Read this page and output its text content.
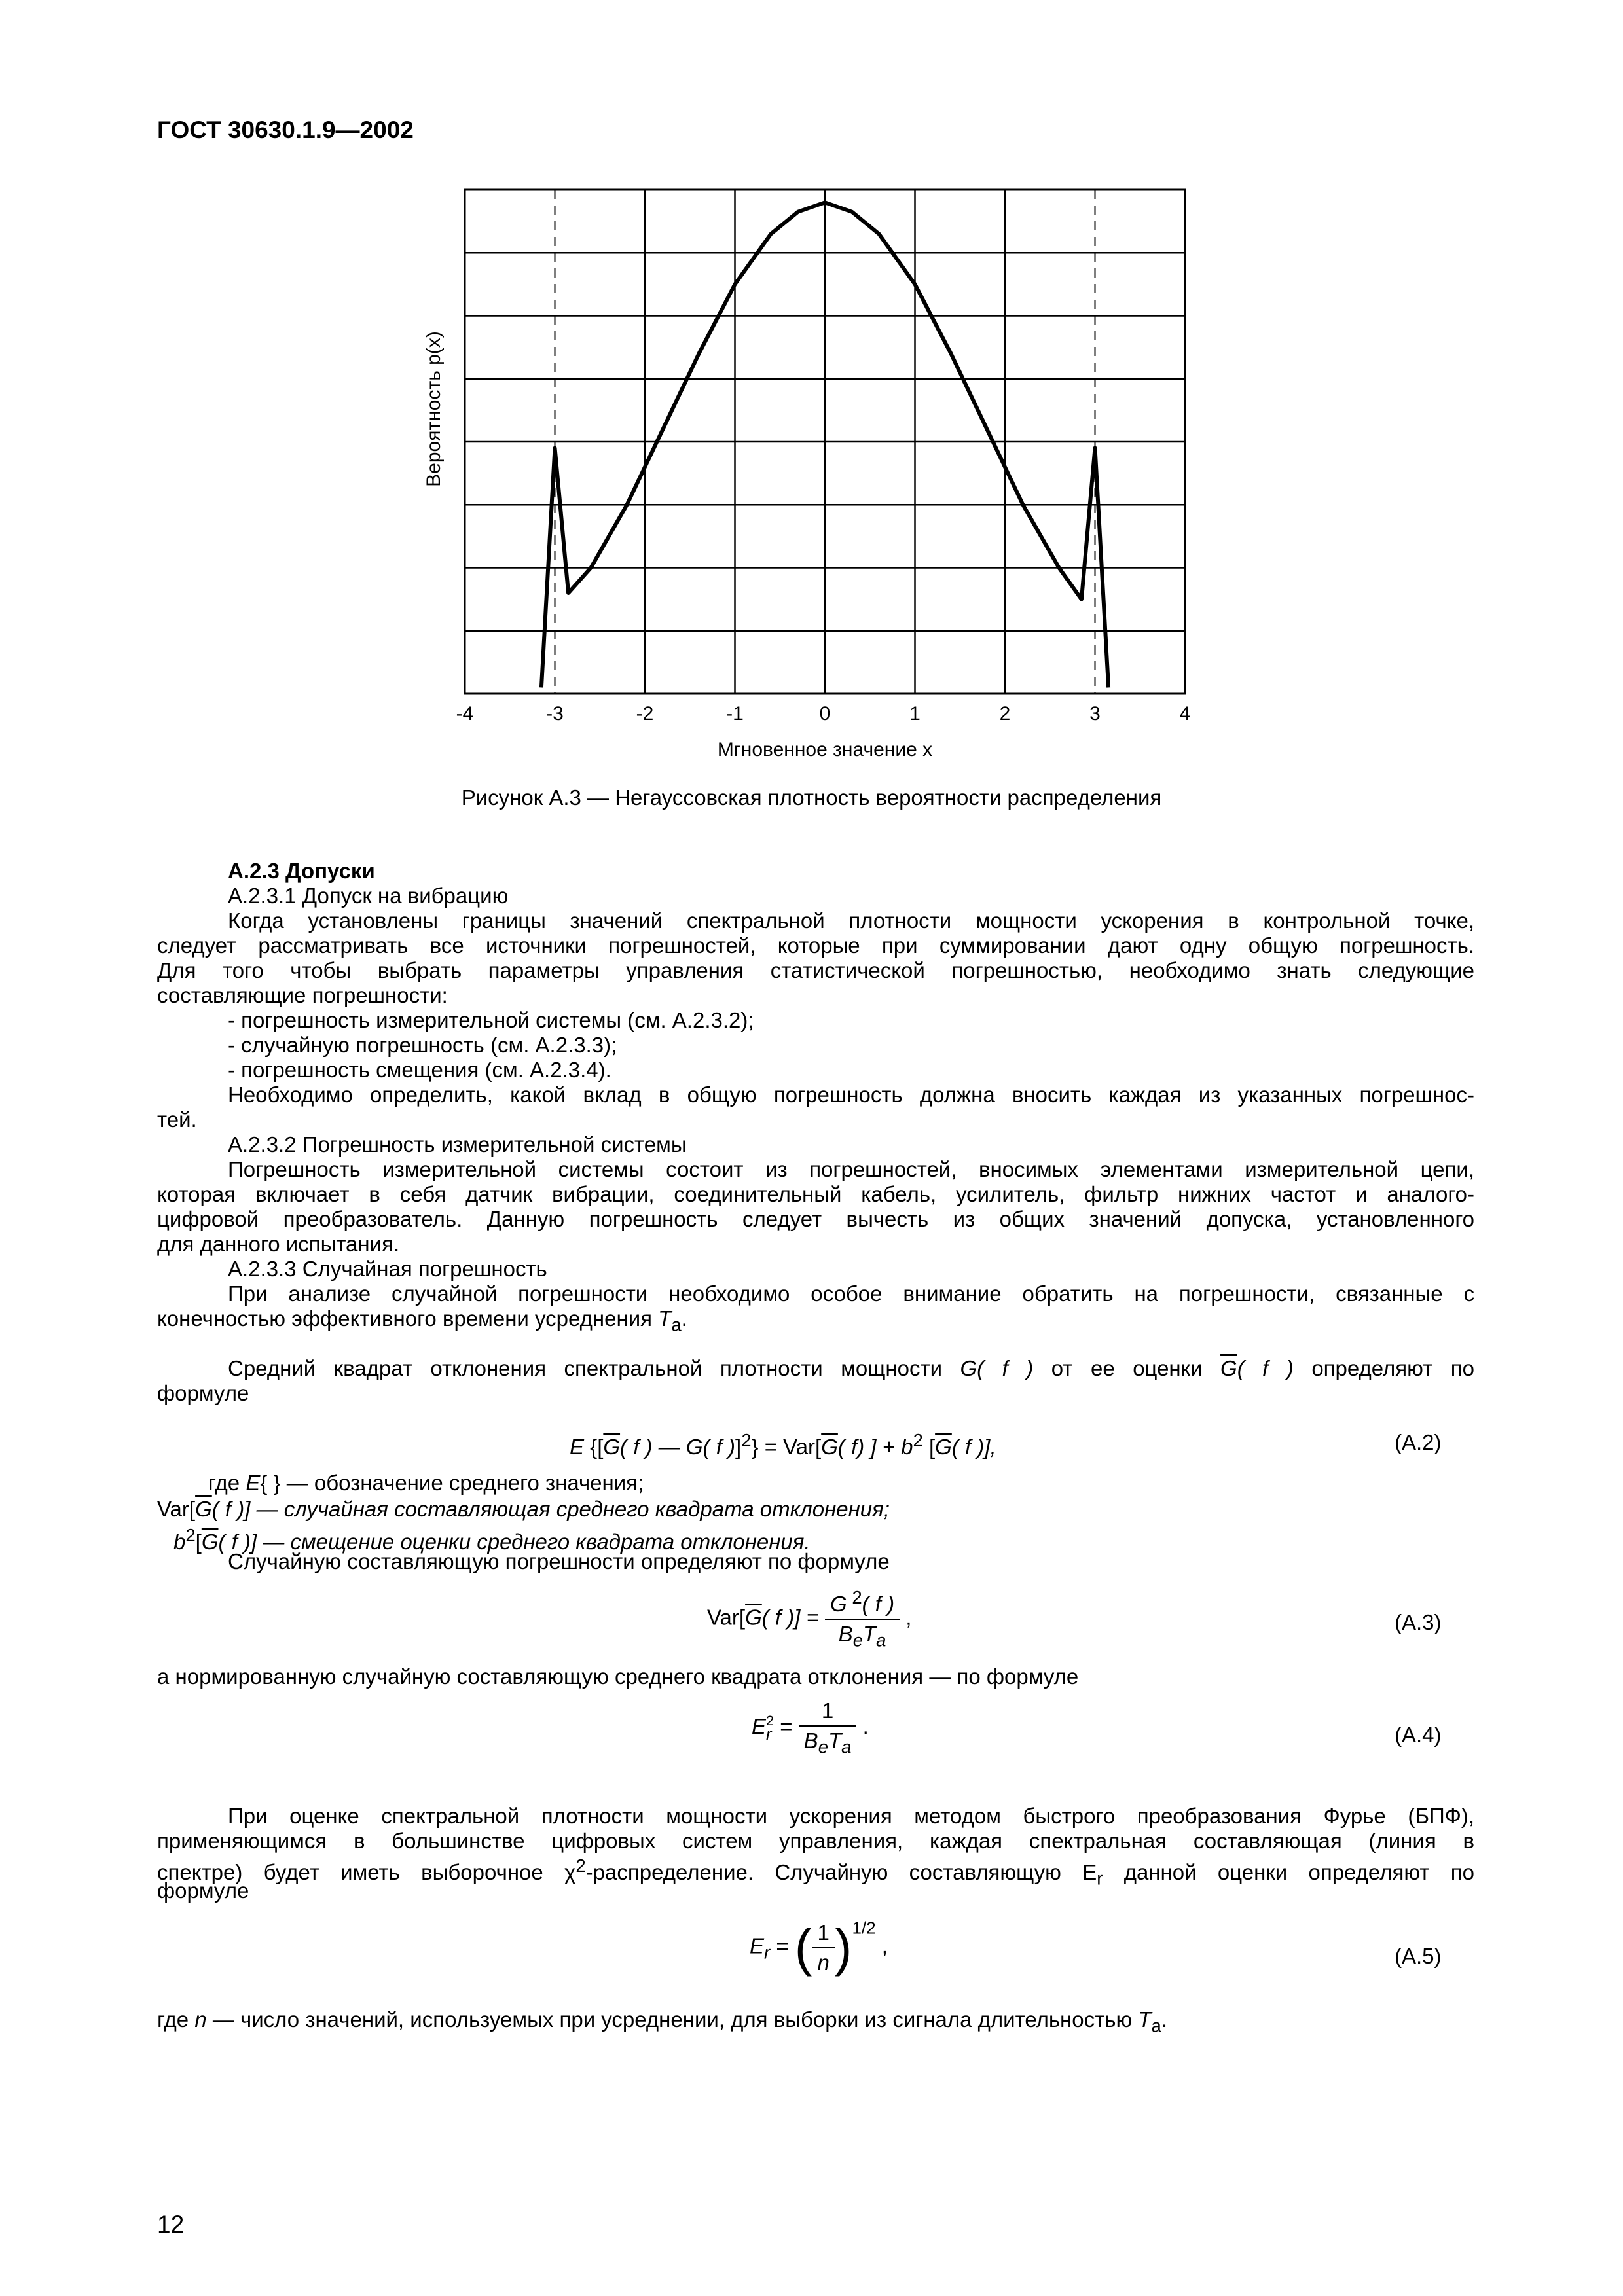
ГОСТ 30630.1.9—2002
-4	-3	-2	-1	0	1	2	3	4
Мгновенное значение x
Вероятность p(x)
Рисунок А.3 — Негауссовская плотность вероятности распределения
А.2.3 Допуски
А.2.3.1 Допуск на вибрацию
Когда установлены границы значений спектральной плотности мощности ускорения в контрольной точке,
следует рассматривать все источники погрешностей, которые при суммировании дают одну общую погрешность.
Для того чтобы выбрать параметры управления статистической погрешностью, необходимо знать следующие
составляющие погрешности:
- погрешность измерительной системы (см. А.2.3.2);
- случайную погрешность (см. А.2.3.3);
- погрешность смещения (см. А.2.3.4).
Необходимо определить, какой вклад в общую погрешность должна вносить каждая из указанных погрешнос-
тей.
А.2.3.2 Погрешность измерительной системы
Погрешность измерительной системы состоит из погрешностей, вносимых элементами измерительной цепи,
которая включает в себя датчик вибрации, соединительный кабель, усилитель, фильтр нижних частот и аналого-
цифровой преобразователь. Данную погрешность следует вычесть из общих значений допуска, установленного
для данного испытания.
А.2.3.3 Случайная погрешность
При анализе случайной погрешности необходимо особое внимание обратить на погрешности, связанные с
конечностью эффективного времени усреднения $T_a$.
Средний квадрат отклонения спектральной плотности мощности G( f ) от ее оценки $\overline{G}$( f ) определяют по
формуле
E {[$\overline{G}$( f ) — G( f )]$^2\} = Var[\overline{G}$( f) ] + $b^2$ [$\overline{G}$( f )],	(А.2)
где E{ } — обозначение среднего значения;
$Var[\overline{G}$( f )] — случайная составляющая среднего квадрата отклонения;
$b^2[\overline{G}$( f )] — смещение оценки среднего квадрата отклонения.
Случайную составляющую погрешности определяют по формуле
$Var[\overline{G}$( f )] = $\frac{G ^2( f )}{B_eT_a}$ ,	(А.3)
а нормированную случайную составляющую среднего квадрата отклонения — по формуле
E 2
$r = \frac{1}{B_eT_a}$ .	(А.4)
При оценке спектральной плотности мощности ускорения методом быстрого преобразования Фурье (БПФ),
применяющимся в большинстве цифровых систем управления, каждая спектральная составляющая (линия в
спектре) будет иметь выборочное $\chi^2$-распределение. Случайную составляющую $E_r$ данной оценки определяют по
формуле
$E_r$ = ( $\frac{1}{n} )^{1/2}$ ,	(А.5)
где n — число значений, используемых при усреднении, для выборки из сигнала длительностью $T_a$.
12
